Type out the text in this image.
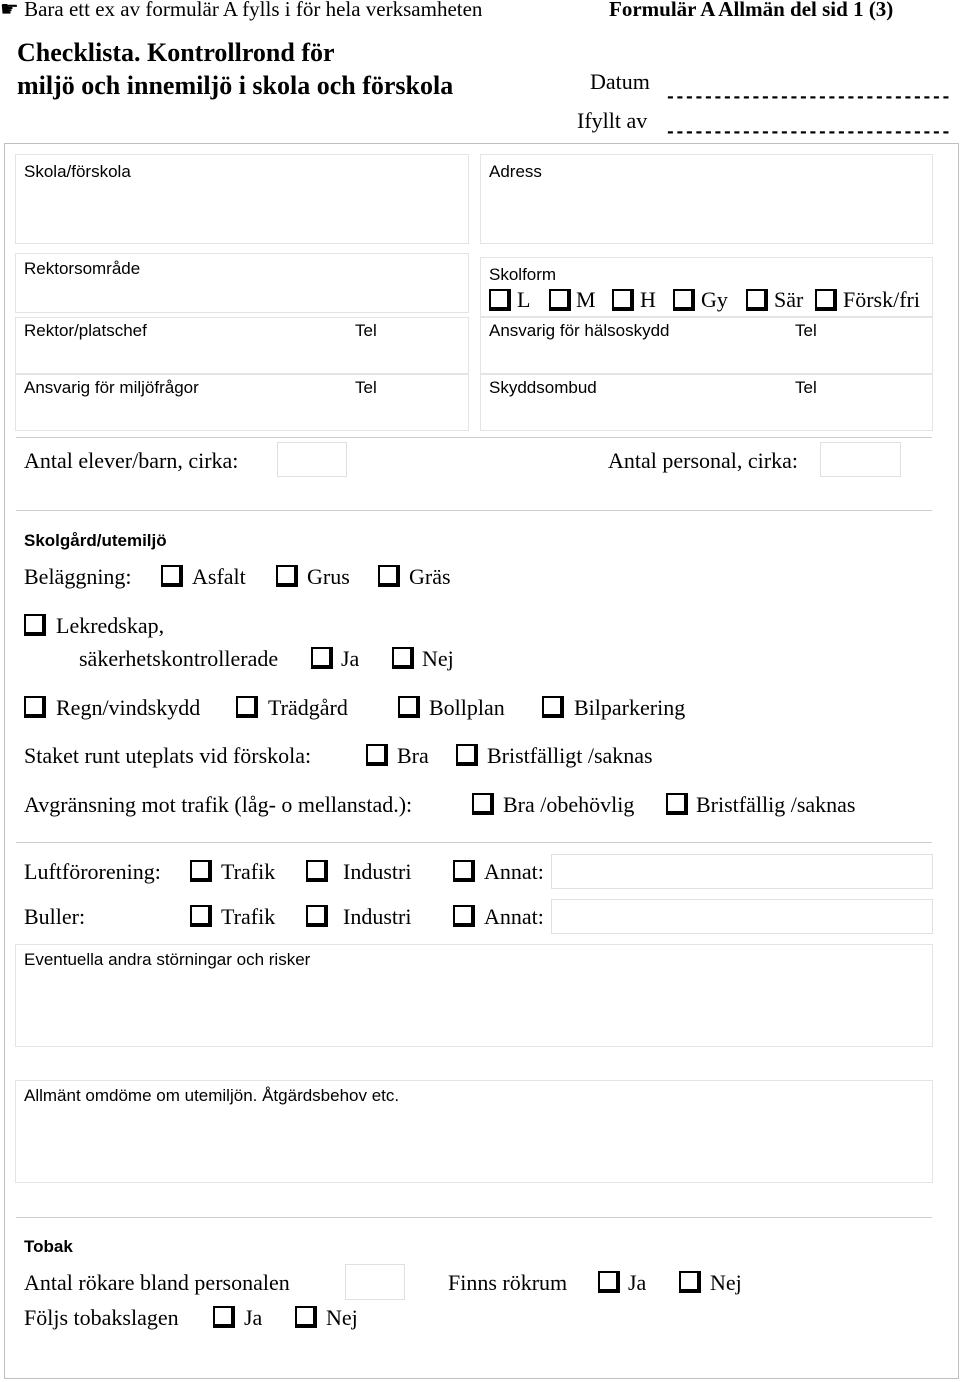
☛ Bara ett ex av formulär A fylls i för hela verksamheten	Formulär A Allmän del sid 1 (3)
Checklista. Kontrollrond för
miljö och innemiljö i skola och förskola	Datum
------------------------------
Ifyllt av ------------------------------
Skola/förskola	Adress
Rektorsområde	Skolform
L M H Gy Sär Försk/fri
Rektor/platschef	Tel	Ansvarig för hälsoskydd	Tel
Ansvarig för miljöfrågor	Tel	Skyddsombud	Tel
Antal elever/barn, cirka:	Antal personal, cirka:
Skolgård/utemiljö
Beläggning:	Asfalt	Grus	Gräs
Lekredskap,
säkerhetskontrollerade	Ja	Nej
Regn/vindskydd	Trädgård	Bollplan	Bilparkering
Staket runt uteplats vid förskola:	Bra	Bristfälligt /saknas
Avgränsning mot trafik (låg- o mellanstad.):	Bra /obehövlig	Bristfällig /saknas
Luftförorening:	Trafik	Industri	Annat:
Buller:	Trafik	Industri	Annat:
Eventuella andra störningar och risker
Allmänt omdöme om utemiljön. Åtgärdsbehov etc.
Tobak
Antal rökare bland personalen	Finns rökrum	Ja	Nej
Följs tobakslagen	Ja	Nej
